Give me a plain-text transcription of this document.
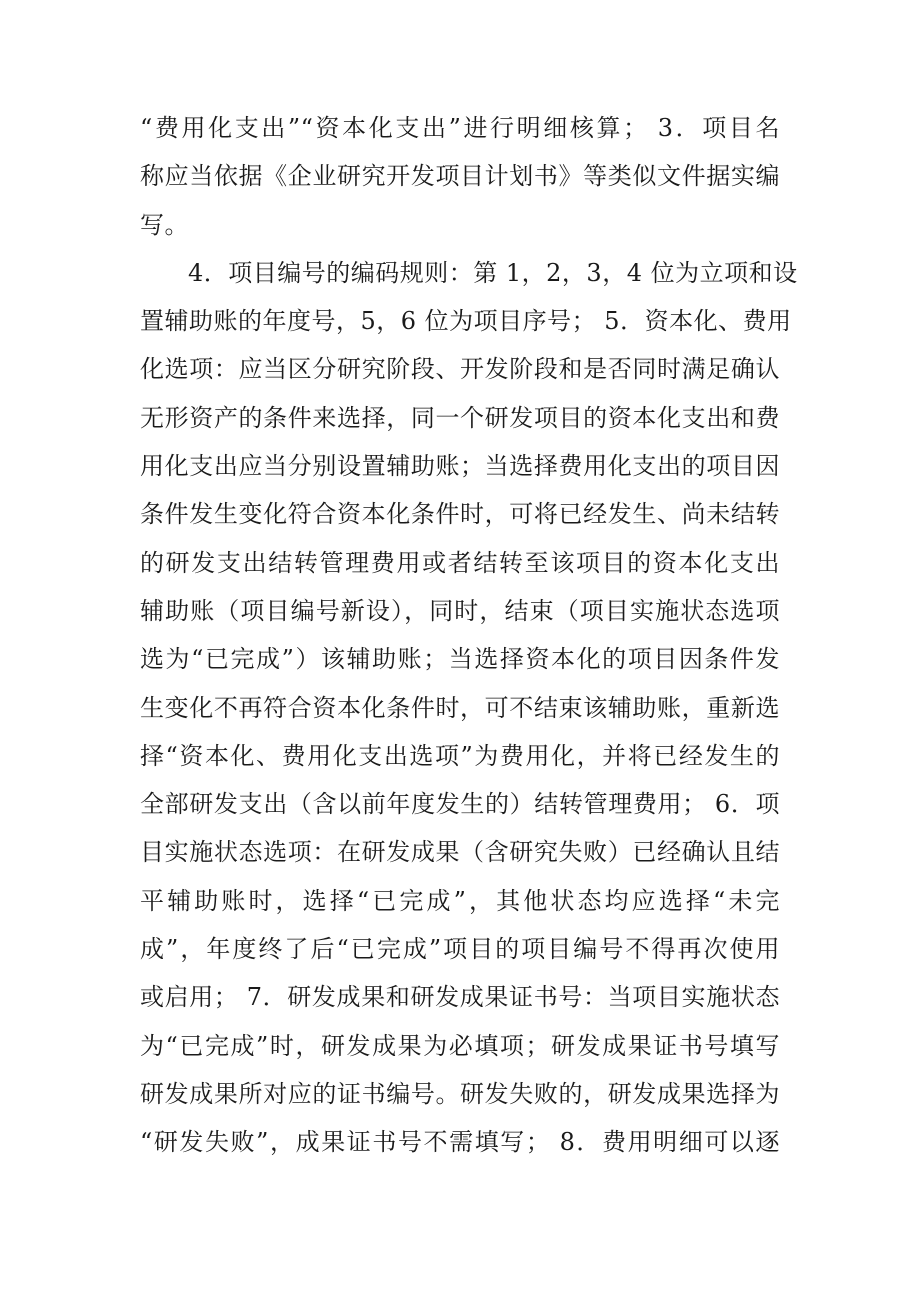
“费用化支出”“资本化支出”进行明细核算； 3．项目名
称应当依据《企业研究开发项目计划书》等类似文件据实编
写。
4．项目编号的编码规则：第 1，2，3，4 位为立项和设
置辅助账的年度号，5，6 位为项目序号； 5．资本化、费用
化选项：应当区分研究阶段、开发阶段和是否同时满足确认
无形资产的条件来选择，同一个研发项目的资本化支出和费
用化支出应当分别设置辅助账；当选择费用化支出的项目因
条件发生变化符合资本化条件时，可将已经发生、尚未结转
的研发支出结转管理费用或者结转至该项目的资本化支出
辅助账（项目编号新设），同时，结束（项目实施状态选项
选为“已完成”）该辅助账；当选择资本化的项目因条件发
生变化不再符合资本化条件时，可不结束该辅助账，重新选
择“资本化、费用化支出选项”为费用化，并将已经发生的
全部研发支出（含以前年度发生的）结转管理费用； 6．项
目实施状态选项：在研发成果（含研究失败）已经确认且结
平辅助账时，选择“已完成”，其他状态均应选择“未完
成”，年度终了后“已完成”项目的项目编号不得再次使用
或启用； 7．研发成果和研发成果证书号：当项目实施状态
为“已完成”时，研发成果为必填项；研发成果证书号填写
研发成果所对应的证书编号。研发失败的，研发成果选择为
“研发失败”，成果证书号不需填写； 8．费用明细可以逐
